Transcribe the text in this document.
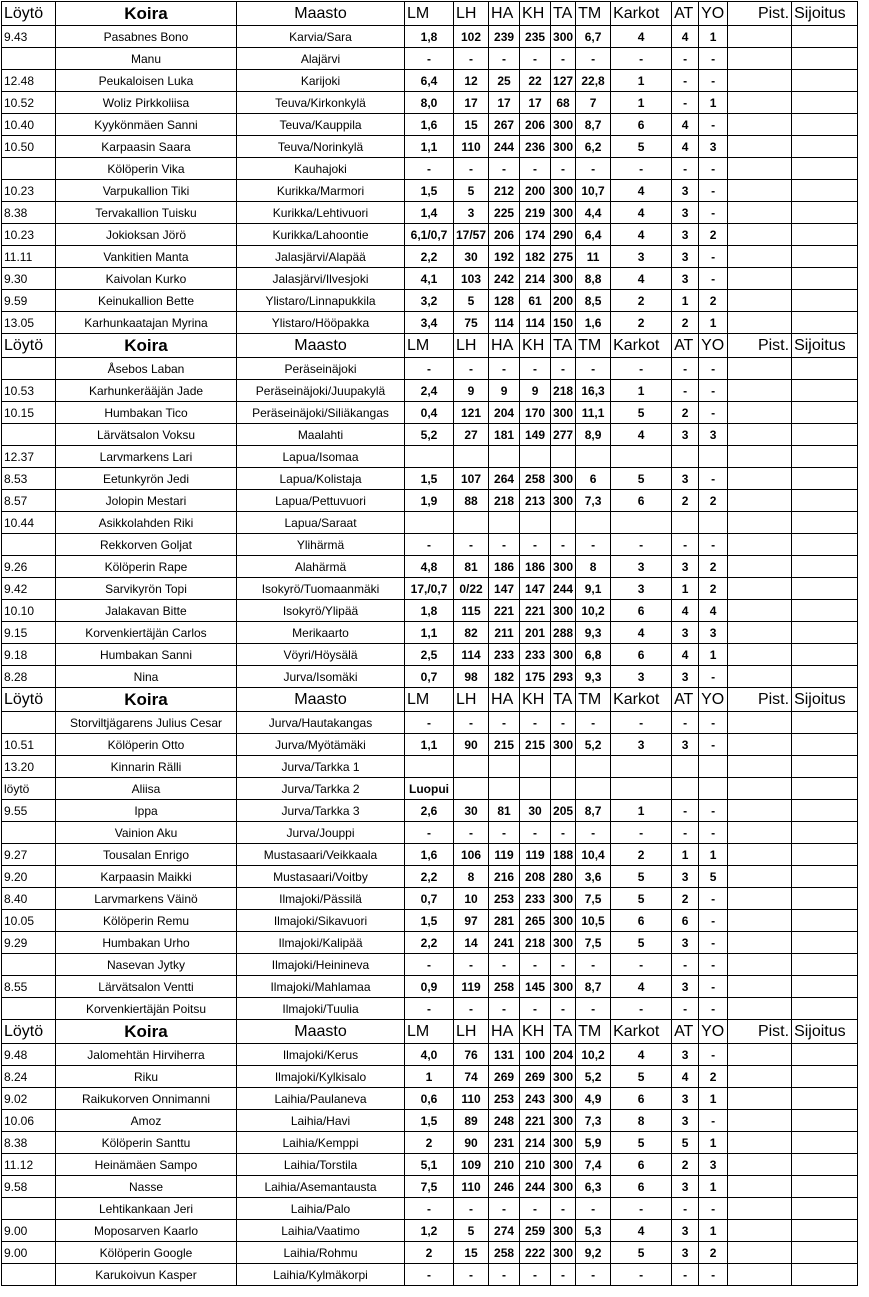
Löytö	Koira	Maasto	LM	LH	HA	KH	TA	TM	Karkot	AT	YO	Pist.	Sijoitus
9.43	Pasabnes Bono	Karvia/Sara	1,8	102	239	235	300	6,7	4	4	1		
	Manu	Alajärvi	-	-	-	-	-	-	-	-	-		
12.48	Peukaloisen Luka	Karijoki	6,4	12	25	22	127	22,8	1	-	-		
10.52	Woliz Pirkkoliisa	Teuva/Kirkonkylä	8,0	17	17	17	68	7	1	-	1		
10.40	Kyykönmäen Sanni	Teuva/Kauppila	1,6	15	267	206	300	8,7	6	4	-		
10.50	Karpaasin Saara	Teuva/Norinkylä	1,1	110	244	236	300	6,2	5	4	3		
	Kölöperin Vika	Kauhajoki	-	-	-	-	-	-	-	-	-		
10.23	Varpukallion Tiki	Kurikka/Marmori	1,5	5	212	200	300	10,7	4	3	-		
8.38	Tervakallion Tuisku	Kurikka/Lehtivuori	1,4	3	225	219	300	4,4	4	3	-		
10.23	Jokioksan Jörö	Kurikka/Lahoontie	6,1/0,7	17/57	206	174	290	6,4	4	3	2		
11.11	Vankitien Manta	Jalasjärvi/Alapää	2,2	30	192	182	275	11	3	3	-		
9.30	Kaivolan Kurko	Jalasjärvi/Ilvesjoki	4,1	103	242	214	300	8,8	4	3	-		
9.59	Keinukallion Bette	Ylistaro/Linnapukkila	3,2	5	128	61	200	8,5	2	1	2		
13.05	Karhunkaatajan Myrina	Ylistaro/Hööpakka	3,4	75	114	114	150	1,6	2	2	1		
Löytö	Koira	Maasto	LM	LH	HA	KH	TA	TM	Karkot	AT	YO	Pist.	Sijoitus
	Åsebos Laban	Peräseinäjoki	-	-	-	-	-	-	-	-	-		
10.53	Karhunkerääjän Jade	Peräseinäjoki/Juupakylä	2,4	9	9	9	218	16,3	1	-	-		
10.15	Humbakan Tico	Peräseinäjoki/Siliäkangas	0,4	121	204	170	300	11,1	5	2	-		
	Lärvätsalon Voksu	Maalahti	5,2	27	181	149	277	8,9	4	3	3		
12.37	Larvmarkens Lari	Lapua/Isomaa											
8.53	Eetunkyrön Jedi	Lapua/Kolistaja	1,5	107	264	258	300	6	5	3	-		
8.57	Jolopin Mestari	Lapua/Pettuvuori	1,9	88	218	213	300	7,3	6	2	2		
10.44	Asikkolahden Riki	Lapua/Saraat											
	Rekkorven Goljat	Ylihärmä	-	-	-	-	-	-	-	-	-		
9.26	Kölöperin Rape	Alahärmä	4,8	81	186	186	300	8	3	3	2		
9.42	Sarvikyrön Topi	Isokyrö/Tuomaanmäki	17,/0,7	0/22	147	147	244	9,1	3	1	2		
10.10	Jalakavan Bitte	Isokyrö/Ylipää	1,8	115	221	221	300	10,2	6	4	4		
9.15	Korvenkiertäjän Carlos	Merikaarto	1,1	82	211	201	288	9,3	4	3	3		
9.18	Humbakan Sanni	Vöyri/Höysälä	2,5	114	233	233	300	6,8	6	4	1		
8.28	Nina	Jurva/Isomäki	0,7	98	182	175	293	9,3	3	3	-		
Löytö	Koira	Maasto	LM	LH	HA	KH	TA	TM	Karkot	AT	YO	Pist.	Sijoitus
	Storviltjägarens Julius Cesar	Jurva/Hautakangas	-	-	-	-	-	-	-	-	-		
10.51	Kölöperin Otto	Jurva/Myötämäki	1,1	90	215	215	300	5,2	3	3	-		
13.20	Kinnarin Rälli	Jurva/Tarkka 1											
löytö	Aliisa	Jurva/Tarkka 2	Luopui										
9.55	Ippa	Jurva/Tarkka 3	2,6	30	81	30	205	8,7	1	-	-		
	Vainion Aku	Jurva/Jouppi	-	-	-	-	-	-	-	-	-		
9.27	Tousalan Enrigo	Mustasaari/Veikkaala	1,6	106	119	119	188	10,4	2	1	1		
9.20	Karpaasin Maikki	Mustasaari/Voitby	2,2	8	216	208	280	3,6	5	3	5		
8.40	Larvmarkens Väinö	Ilmajoki/Pässilä	0,7	10	253	233	300	7,5	5	2	-		
10.05	Kölöperin Remu	Ilmajoki/Sikavuori	1,5	97	281	265	300	10,5	6	6	-		
9.29	Humbakan Urho	Ilmajoki/Kalipää	2,2	14	241	218	300	7,5	5	3	-		
	Nasevan Jytky	Ilmajoki/Heinineva	-	-	-	-	-	-	-	-	-		
8.55	Lärvätsalon Ventti	Ilmajoki/Mahlamaa	0,9	119	258	145	300	8,7	4	3	-		
	Korvenkiertäjän Poitsu	Ilmajoki/Tuulia	-	-	-	-	-	-	-	-	-		
Löytö	Koira	Maasto	LM	LH	HA	KH	TA	TM	Karkot	AT	YO	Pist.	Sijoitus
9.48	Jalomehtän Hirviherra	Ilmajoki/Kerus	4,0	76	131	100	204	10,2	4	3	-		
8.24	Riku	Ilmajoki/Kylkisalo	1	74	269	269	300	5,2	5	4	2		
9.02	Raikukorven Onnimanni	Laihia/Paulaneva	0,6	110	253	243	300	4,9	6	3	1		
10.06	Amoz	Laihia/Havi	1,5	89	248	221	300	7,3	8	3	-		
8.38	Kölöperin Santtu	Laihia/Kemppi	2	90	231	214	300	5,9	5	5	1		
11.12	Heinämäen Sampo	Laihia/Torstila	5,1	109	210	210	300	7,4	6	2	3		
9.58	Nasse	Laihia/Asemantausta	7,5	110	246	244	300	6,3	6	3	1		
	Lehtikankaan Jeri	Laihia/Palo	-	-	-	-	-	-	-	-	-		
9.00	Moposarven Kaarlo	Laihia/Vaatimo	1,2	5	274	259	300	5,3	4	3	1		
9.00	Kölöperin Google	Laihia/Rohmu	2	15	258	222	300	9,2	5	3	2		
	Karukoivun Kasper	Laihia/Kylmäkorpi	-	-	-	-	-	-	-	-	-		
